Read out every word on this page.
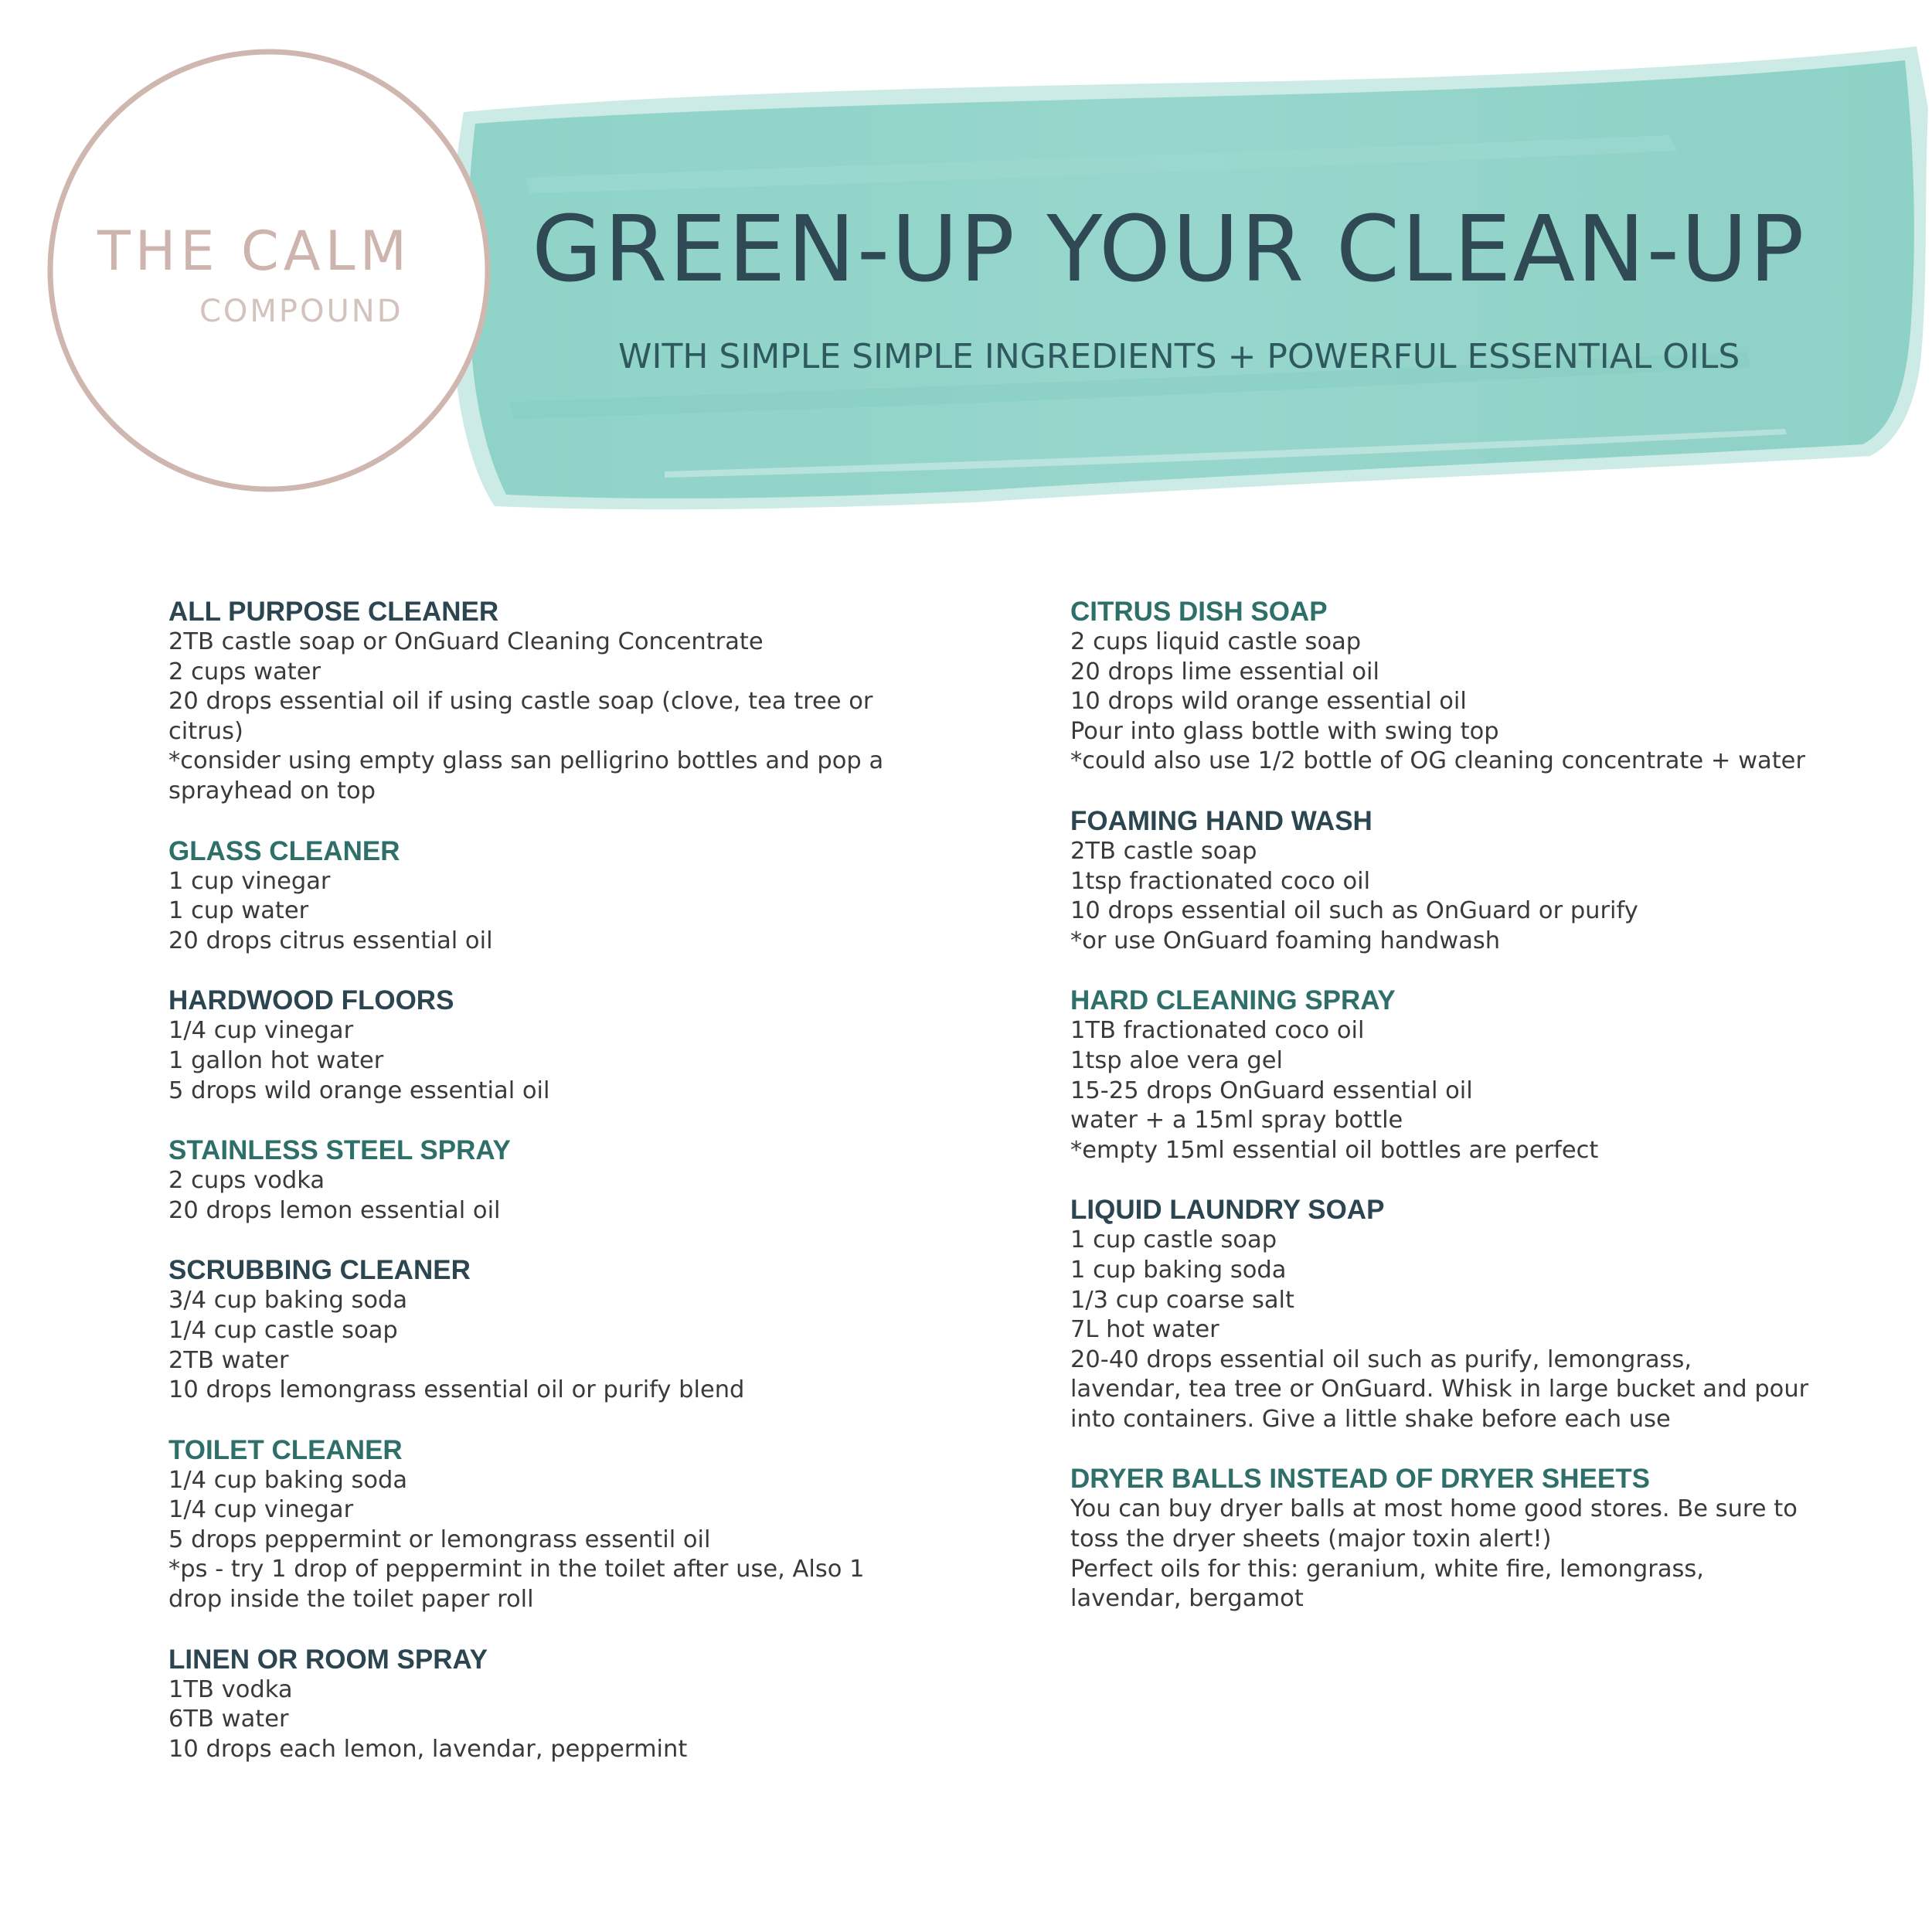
THE CALM
COMPOUND
GREEN-UP YOUR CLEAN-UP
WITH SIMPLE SIMPLE INGREDIENTS + POWERFUL ESSENTIAL OILS
ALL PURPOSE CLEANER
2TB castle soap or OnGuard Cleaning Concentrate
2 cups water
20 drops essential oil if using castle soap (clove, tea tree or
citrus)
*consider using empty glass san pelligrino bottles and pop a
sprayhead on top
GLASS CLEANER
1 cup vinegar
1 cup water
20 drops citrus essential oil
HARDWOOD FLOORS
1/4 cup vinegar
1 gallon hot water
5 drops wild orange essential oil
STAINLESS STEEL SPRAY
2 cups vodka
20 drops lemon essential oil
SCRUBBING CLEANER
3/4 cup baking soda
1/4 cup castle soap
2TB water
10 drops lemongrass essential oil or purify blend
TOILET CLEANER
1/4 cup baking soda
1/4 cup vinegar
5 drops peppermint or lemongrass essentil oil
*ps - try 1 drop of peppermint in the toilet after use, Also 1
drop inside the toilet paper roll
LINEN OR ROOM SPRAY
1TB vodka
6TB water
10 drops each lemon, lavendar, peppermint
CITRUS DISH SOAP
2 cups liquid castle soap
20 drops lime essential oil
10 drops wild orange essential oil
Pour into glass bottle with swing top
*could also use 1/2 bottle of OG cleaning concentrate + water
FOAMING HAND WASH
2TB castle soap
1tsp fractionated coco oil
10 drops essential oil such as OnGuard or purify
*or use OnGuard foaming handwash
HARD CLEANING SPRAY
1TB fractionated coco oil
1tsp aloe vera gel
15-25 drops OnGuard essential oil
water + a 15ml spray bottle
*empty 15ml essential oil bottles are perfect
LIQUID LAUNDRY SOAP
1 cup castle soap
1 cup baking soda
1/3 cup coarse salt
7L hot water
20-40 drops essential oil such as purify, lemongrass,
lavendar, tea tree or OnGuard. Whisk in large bucket and pour
into containers. Give a little shake before each use
DRYER BALLS INSTEAD OF DRYER SHEETS
You can buy dryer balls at most home good stores. Be sure to
toss the dryer sheets (major toxin alert!)
Perfect oils for this: geranium, white fire, lemongrass,
lavendar, bergamot
